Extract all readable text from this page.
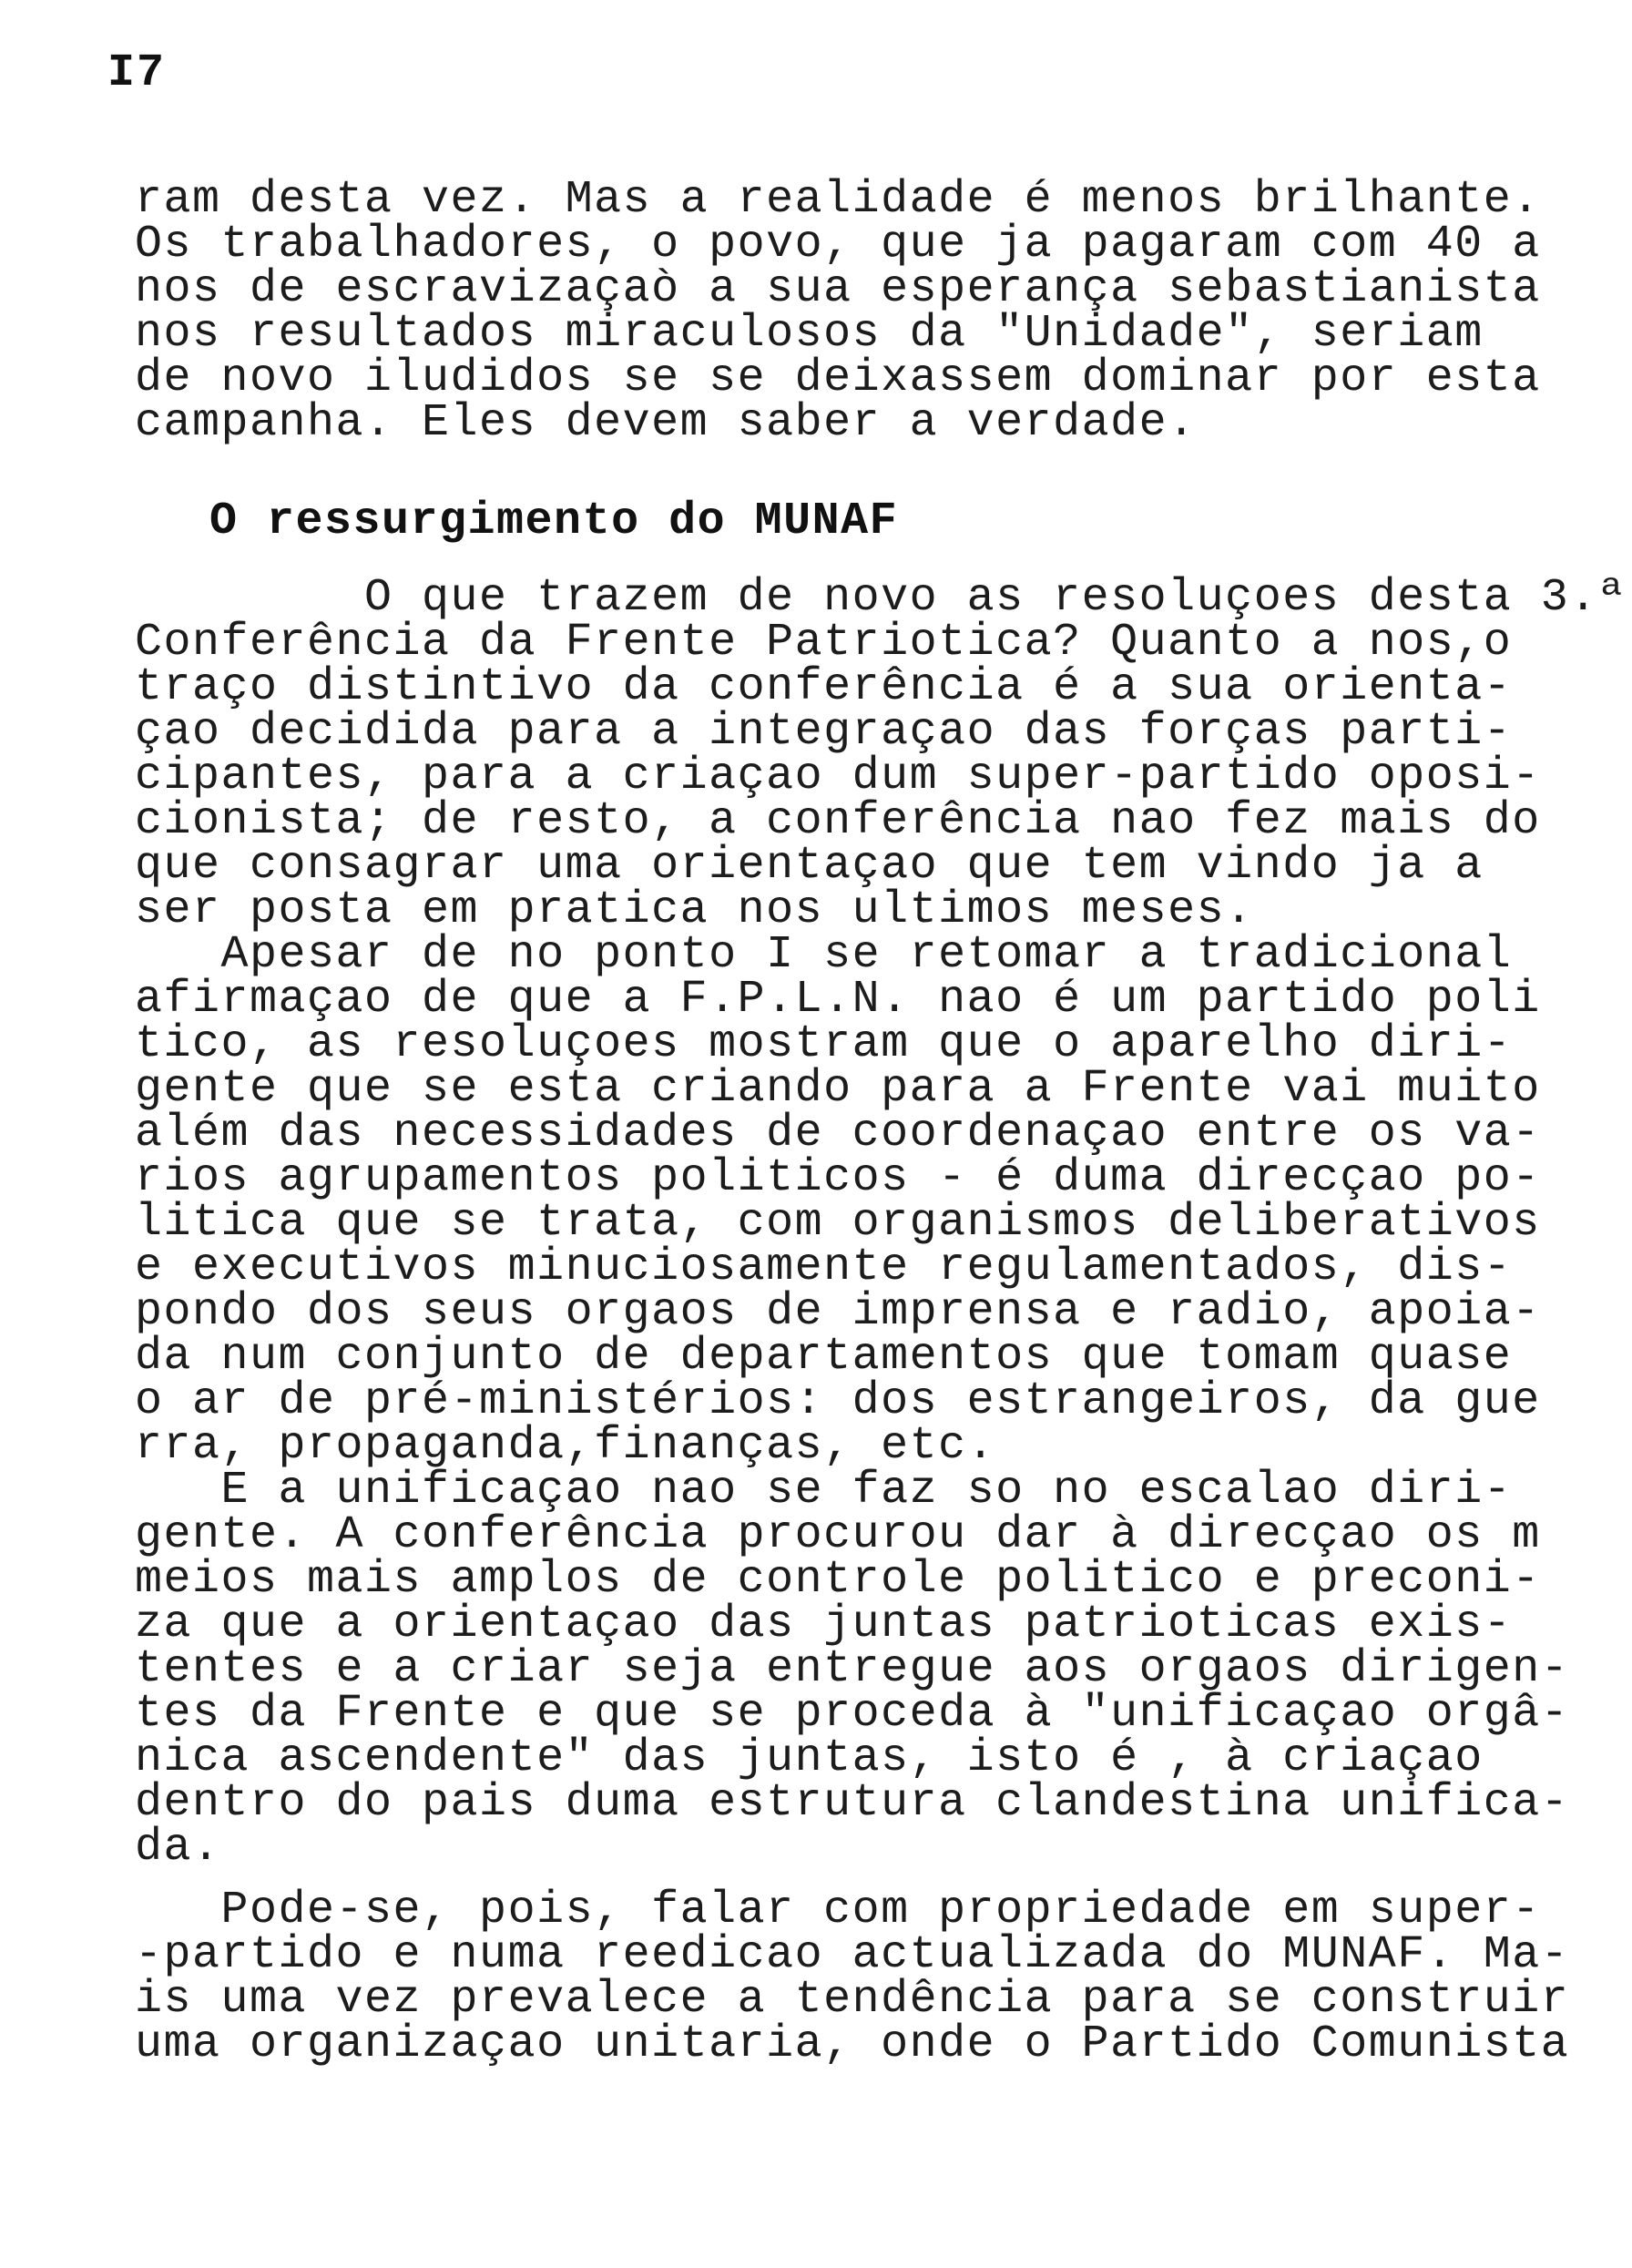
I7
ram desta vez. Mas a realidade é menos brilhante.
Os trabalhadores, o povo, que ja pagaram com 40 a
nos de escravizaçaò a sua esperança sebastianista
nos resultados miraculosos da "Unidade", seriam
de novo iludidos se se deixassem dominar por esta
campanha. Eles devem saber a verdade.
O ressurgimento do MUNAF
O que trazem de novo as resoluçoes desta 3.ª
Conferência da Frente Patriotica? Quanto a nos,o
traço distintivo da conferência é a sua orienta-
çao decidida para a integraçao das forças parti-
cipantes, para a criaçao dum super-partido oposi-
cionista; de resto, a conferência nao fez mais do
que consagrar uma orientaçao que tem vindo ja a
ser posta em pratica nos ultimos meses.
Apesar de no ponto I se retomar a tradicional
afirmaçao de que a F.P.L.N. nao é um partido poli
tico, as resoluçoes mostram que o aparelho diri-
gente que se esta criando para a Frente vai muito
além das necessidades de coordenaçao entre os va-
rios agrupamentos politicos - é duma direcçao po-
litica que se trata, com organismos deliberativos
e executivos minuciosamente regulamentados, dis-
pondo dos seus orgaos de imprensa e radio, apoia-
da num conjunto de departamentos que tomam quase
o ar de pré-ministérios: dos estrangeiros, da gue
rra, propaganda,finanças, etc.
E a unificaçao nao se faz so no escalao diri-
gente. A conferência procurou dar à direcçao os m
meios mais amplos de controle politico e preconi-
za que a orientaçao das juntas patrioticas exis-
tentes e a criar seja entregue aos orgaos dirigen-
tes da Frente e que se proceda à "unificaçao orgâ-
nica ascendente" das juntas, isto é , à criaçao
dentro do pais duma estrutura clandestina unifica-
da.
Pode-se, pois, falar com propriedade em super-
-partido e numa reedicao actualizada do MUNAF. Ma-
is uma vez prevalece a tendência para se construir
uma organizaçao unitaria, onde o Partido Comunista
